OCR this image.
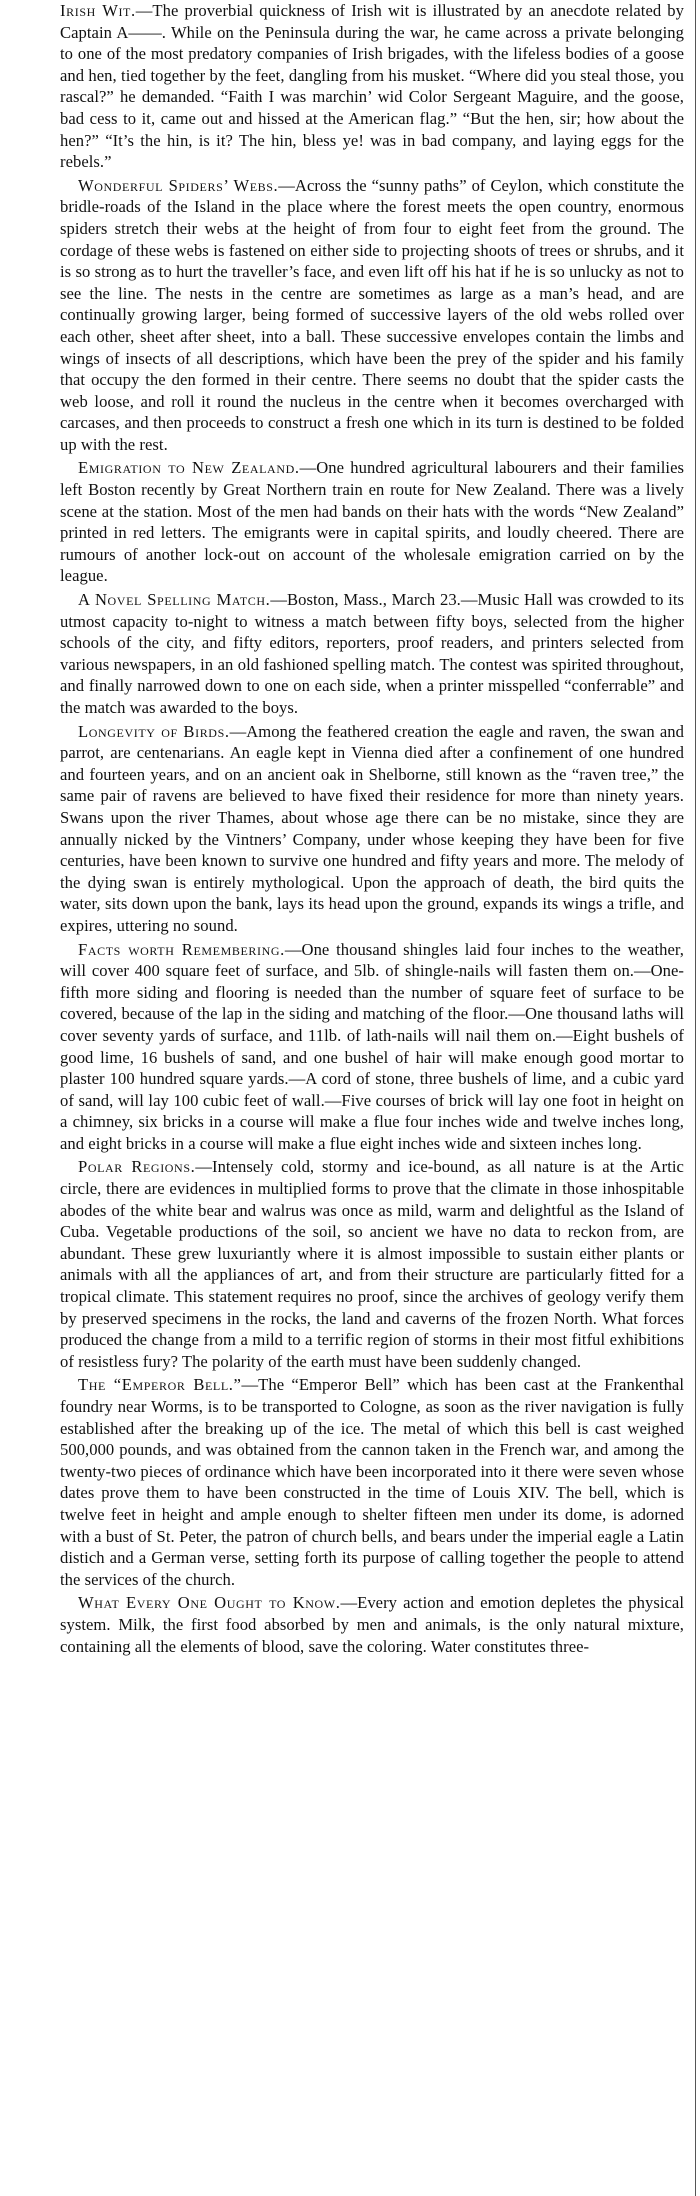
Irish Wit. — The proverbial quickness of Irish wit is illustrated by an anecdote related by Captain A——. While on the Peninsula during the war, he came across a private belonging to one of the most predatory companies of Irish brigades, with the lifeless bodies of a goose and hen, tied together by the feet, dangling from his musket. “Where did you steal those, you rascal?” he demanded. “Faith I was marchin’ wid Color Sergeant Maguire, and the goose, bad cess to it, came out and hissed at the American flag.” “But the hen, sir; how about the hen?” “It’s the hin, is it? The hin, bless ye! was in bad company, and laying eggs for the rebels.”

Wonderful Spiders’ Webs. — Across the “sunny paths” of Ceylon, which constitute the bridle-roads of the Island in the place where the forest meets the open country, enormous spiders stretch their webs at the height of from four to eight feet from the ground. The cordage of these webs is fastened on either side to projecting shoots of trees or shrubs, and it is so strong as to hurt the traveller’s face, and even lift off his hat if he is so unlucky as not to see the line. The nests in the centre are sometimes as large as a man’s head, and are continually growing larger, being formed of successive layers of the old webs rolled over each other, sheet after sheet, into a ball. These successive envelopes contain the limbs and wings of insects of all descriptions, which have been the prey of the spider and his family that occupy the den formed in their centre. There seems no doubt that the spider casts the web loose, and roll it round the nucleus in the centre when it becomes overcharged with carcases, and then proceeds to construct a fresh one which in its turn is destined to be folded up with the rest.

Emigration to New Zealand. — One hundred agricultural labourers and their families left Boston recently by Great Northern train en route for New Zealand. There was a lively scene at the station. Most of the men had bands on their hats with the words “New Zealand” printed in red letters. The emigrants were in capital spirits, and loudly cheered. There are rumours of another lock-out on account of the wholesale emigration carried on by the league.

A Novel Spelling Match. — Boston, Mass., March 23.—Music Hall was crowded to its utmost capacity to-night to witness a match between fifty boys, selected from the higher schools of the city, and fifty editors, reporters, proof readers, and printers selected from various newspapers, in an old fashioned spelling match. The contest was spirited throughout, and finally narrowed down to one on each side, when a printer misspelled “conferrable” and the match was awarded to the boys.

Longevity of Birds. — Among the feathered creation the eagle and raven, the swan and parrot, are centenarians. An eagle kept in Vienna died after a confinement of one hundred and fourteen years, and on an ancient oak in Shelborne, still known as the “raven tree,” the same pair of ravens are believed to have fixed their residence for more than ninety years. Swans upon the river Thames, about whose age there can be no mistake, since they are annually nicked by the Vintners’ Company, under whose keeping they have been for five centuries, have been known to survive one hundred and fifty years and more. The melody of the dying swan is entirely mythological. Upon the approach of death, the bird quits the water, sits down upon the bank, lays its head upon the ground, expands its wings a trifle, and expires, uttering no sound.

Facts worth Remembering. — One thousand shingles laid four inches to the weather, will cover 400 square feet of surface, and 5lb. of shingle-nails will fasten them on.—One-fifth more siding and flooring is needed than the number of square feet of surface to be covered, because of the lap in the siding and matching of the floor.—One thousand laths will cover seventy yards of surface, and 11lb. of lath-nails will nail them on.—Eight bushels of good lime, 16 bushels of sand, and one bushel of hair will make enough good mortar to plaster 100 hundred square yards.—A cord of stone, three bushels of lime, and a cubic yard of sand, will lay 100 cubic feet of wall.—Five courses of brick will lay one foot in height on a chimney, six bricks in a course will make a flue four inches wide and twelve inches long, and eight bricks in a course will make a flue eight inches wide and sixteen inches long.

Polar Regions. — Intensely cold, stormy and ice-bound, as all nature is at the Artic circle, there are evidences in multiplied forms to prove that the climate in those inhospitable abodes of the white bear and walrus was once as mild, warm and delightful as the Island of Cuba. Vegetable productions of the soil, so ancient we have no data to reckon from, are abundant. These grew luxuriantly where it is almost impossible to sustain either plants or animals with all the appliances of art, and from their structure are particularly fitted for a tropical climate. This statement requires no proof, since the archives of geology verify them by preserved specimens in the rocks, the land and caverns of the frozen North. What forces produced the change from a mild to a terrific region of storms in their most fitful exhibitions of resistless fury? The polarity of the earth must have been suddenly changed.

The “Emperor Bell.” — The “Emperor Bell” which has been cast at the Frankenthal foundry near Worms, is to be transported to Cologne, as soon as the river navigation is fully established after the breaking up of the ice. The metal of which this bell is cast weighed 500,000 pounds, and was obtained from the cannon taken in the French war, and among the twenty-two pieces of ordinance which have been incorporated into it there were seven whose dates prove them to have been constructed in the time of Louis XIV. The bell, which is twelve feet in height and ample enough to shelter fifteen men under its dome, is adorned with a bust of St. Peter, the patron of church bells, and bears under the imperial eagle a Latin distich and a German verse, setting forth its purpose of calling together the people to attend the services of the church.

What Every One Ought to Know. — Every action and emotion depletes the physical system. Milk, the first food absorbed by men and animals, is the only natural mixture, containing all the elements of blood, save the coloring. Water constitutes three-
